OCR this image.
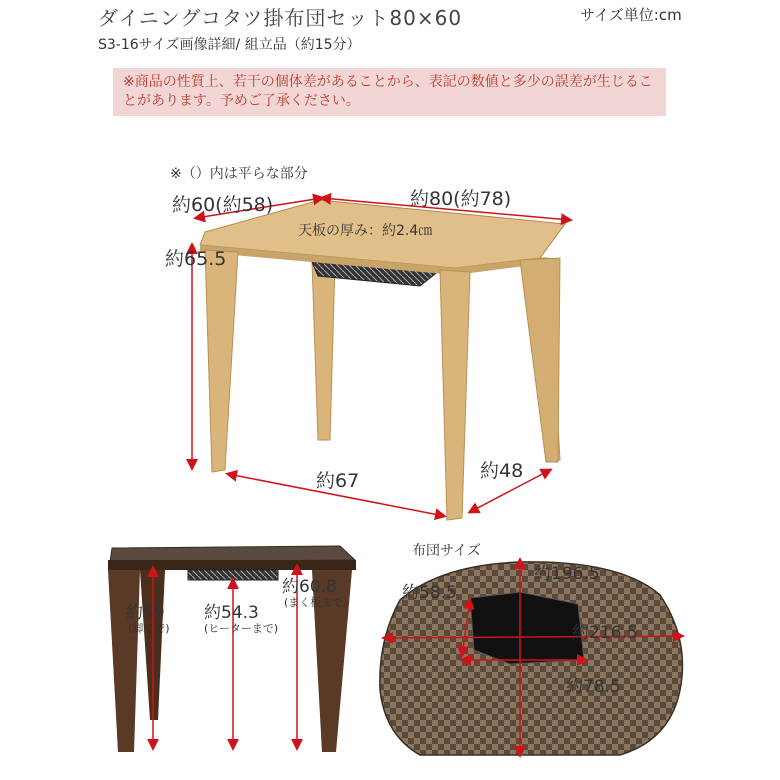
ダイニングコタツ掛布団セット80×60	サイズ単位:cm
S3-16サイズ画像詳細/ 組立品（約15分）
※商品の性質上、若干の個体差があることから、表記の数値と多少の誤差が生じることがあります。予めご了承ください。
※（）内は平らな部分
約60(約58)	約80(約78)
約65.5
天板の厚み：約2.4㎝
約67	約48
約59
(脚まで)
約54.3
(ヒーターまで)
約60.8
(まく板まで)
布団サイズ
約196.5
約58.5
約216.5
約78.5
